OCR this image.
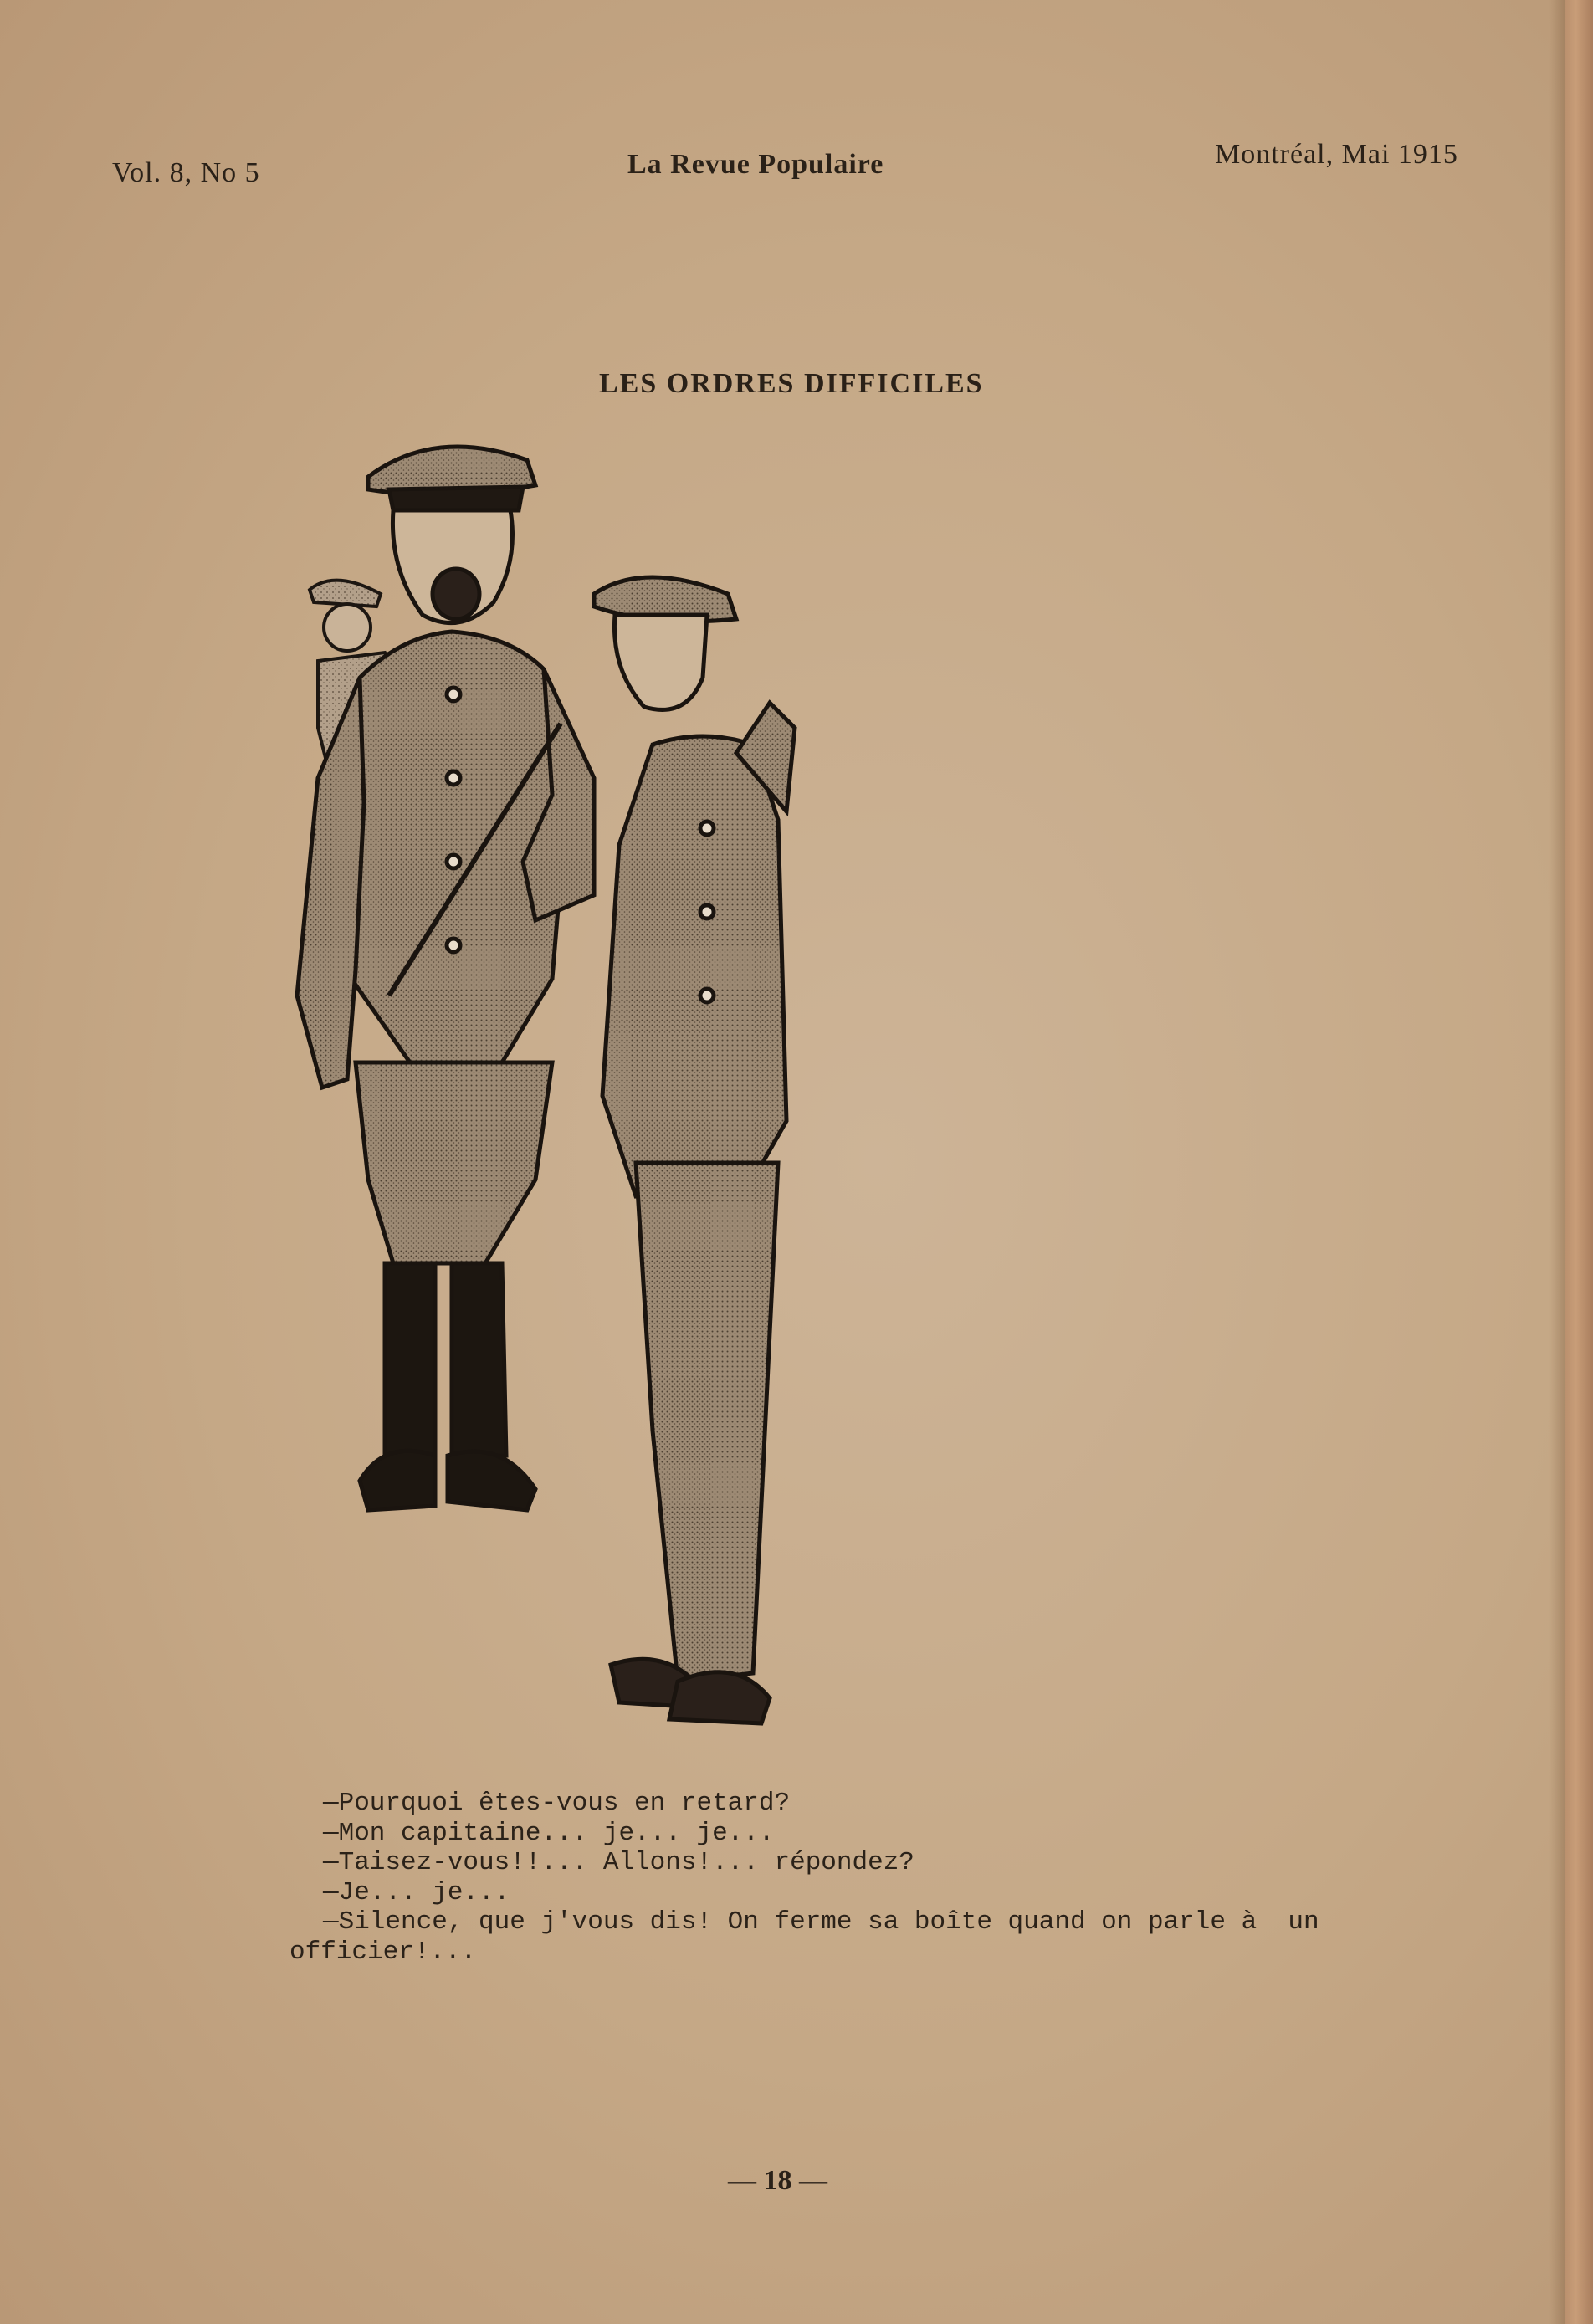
Vol. 8, No 5	La Revue Populaire	Montréal, Mai 1915
LES ORDRES DIFFICILES
—Pourquoi êtes-vous en retard?
—Mon capitaine... je... je...
—Taisez-vous!!... Allons!... répondez?
—Je... je...
—Silence, que j'vous dis! On ferme sa boîte quand on parle à  un
officier!...
— 18 —
